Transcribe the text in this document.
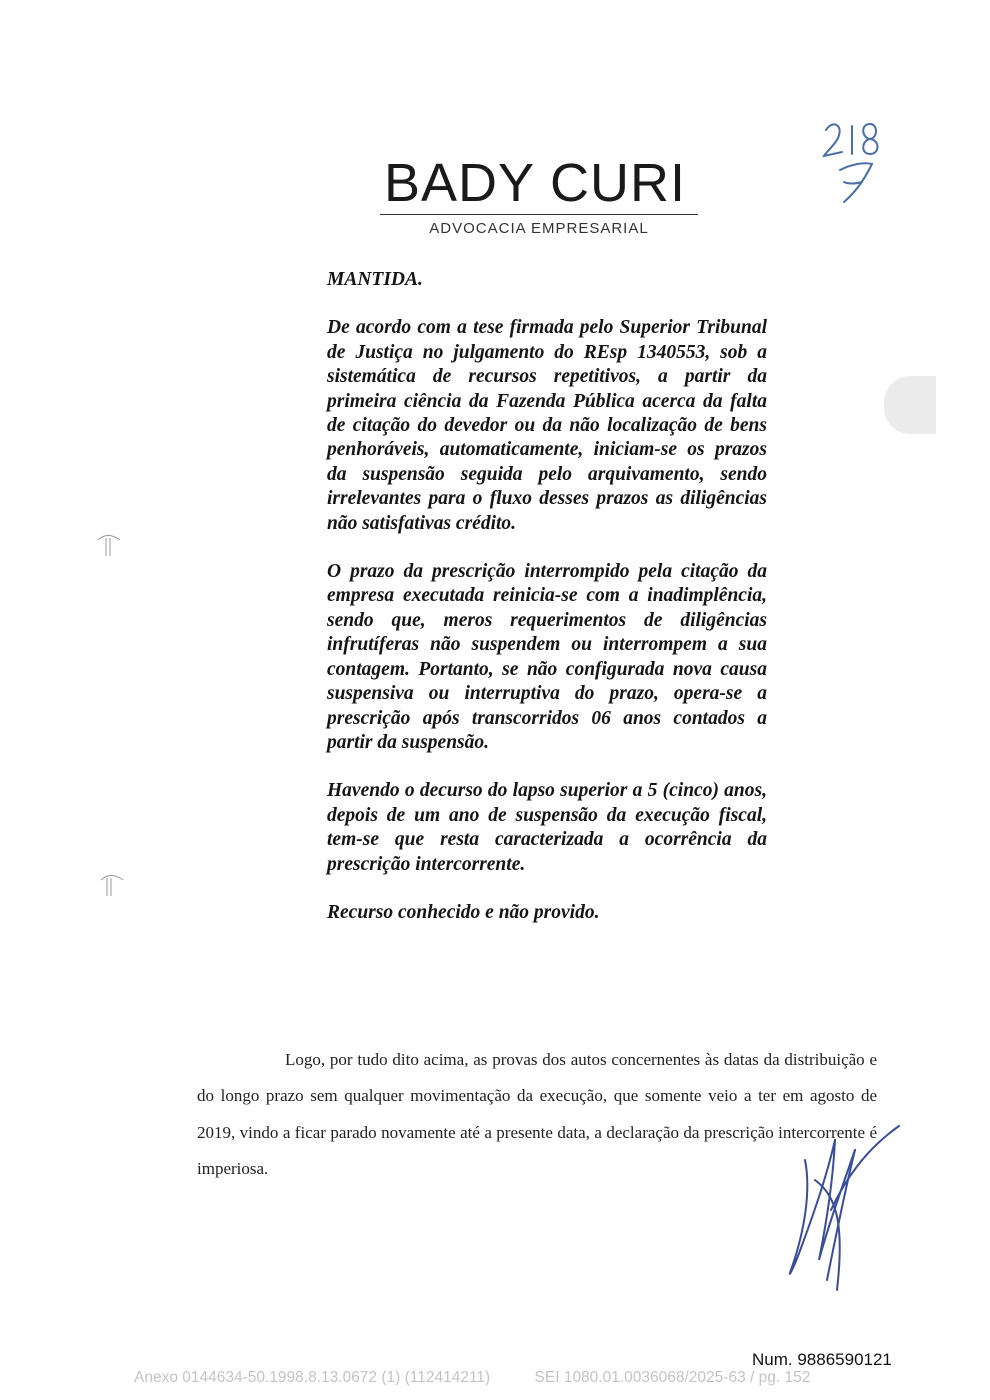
BADY CURI
ADVOCACIA EMPRESARIAL

MANTIDA.

De acordo com a tese firmada pelo Superior Tribunal de Justiça no julgamento do REsp 1340553, sob a sistemática de recursos repetitivos, a partir da primeira ciência da Fazenda Pública acerca da falta de citação do devedor ou da não localização de bens penhoráveis, automaticamente, iniciam-se os prazos da suspensão seguida pelo arquivamento, sendo irrelevantes para o fluxo desses prazos as diligências não satisfativas crédito.

O prazo da prescrição interrompido pela citação da empresa executada reinicia-se com a inadimplência, sendo que, meros requerimentos de diligências infrutíferas não suspendem ou interrompem a sua contagem. Portanto, se não configurada nova causa suspensiva ou interruptiva do prazo, opera-se a prescrição após transcorridos 06 anos contados a partir da suspensão.

Havendo o decurso do lapso superior a 5 (cinco) anos, depois de um ano de suspensão da execução fiscal, tem-se que resta caracterizada a ocorrência da prescrição intercorrente.

Recurso conhecido e não provido.

Logo, por tudo dito acima, as provas dos autos concernentes às datas da distribuição e do longo prazo sem qualquer movimentação da execução, que somente veio a ter em agosto de 2019, vindo a ficar parado novamente até a presente data, a declaração da prescrição intercorrente é imperiosa.

Num. 9886590121
Anexo 0144634-50.1998.8.13.0672 (1) (112414211)	SEI 1080.01.0036068/2025-63 / pg. 152
